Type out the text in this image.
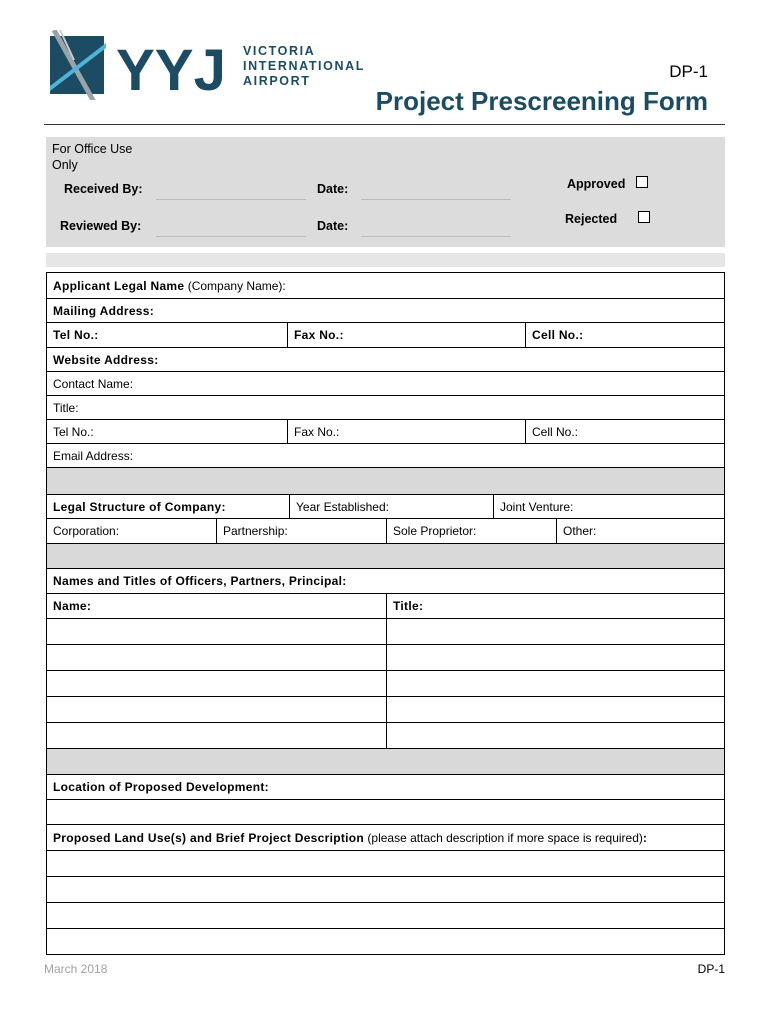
YYJ VICTORIA
INTERNATIONAL
AIRPORT	DP-1
Project Prescreening Form
For Office Use Only
Received By:	Date:	Approved
Reviewed By:	Date:	Rejected
Applicant Legal Name
(Company Name):
Mailing Address:
Tel No.:	Fax No.:	Cell No.:
Website Address:
Contact Name:
Title:
Tel No.:	Fax No.:	Cell No.:
Email Address:
Legal Structure of Company:	Year Established:	Joint Venture:
Corporation:	Partnership:	Sole Proprietor:	Other:
Names and Titles of Officers, Partners, Principal:
Name:	Title:
Location of Proposed Development:
Proposed Land Use(s) and Brief Project Description
(please attach description if more space is required) :
March 2018	DP-1
